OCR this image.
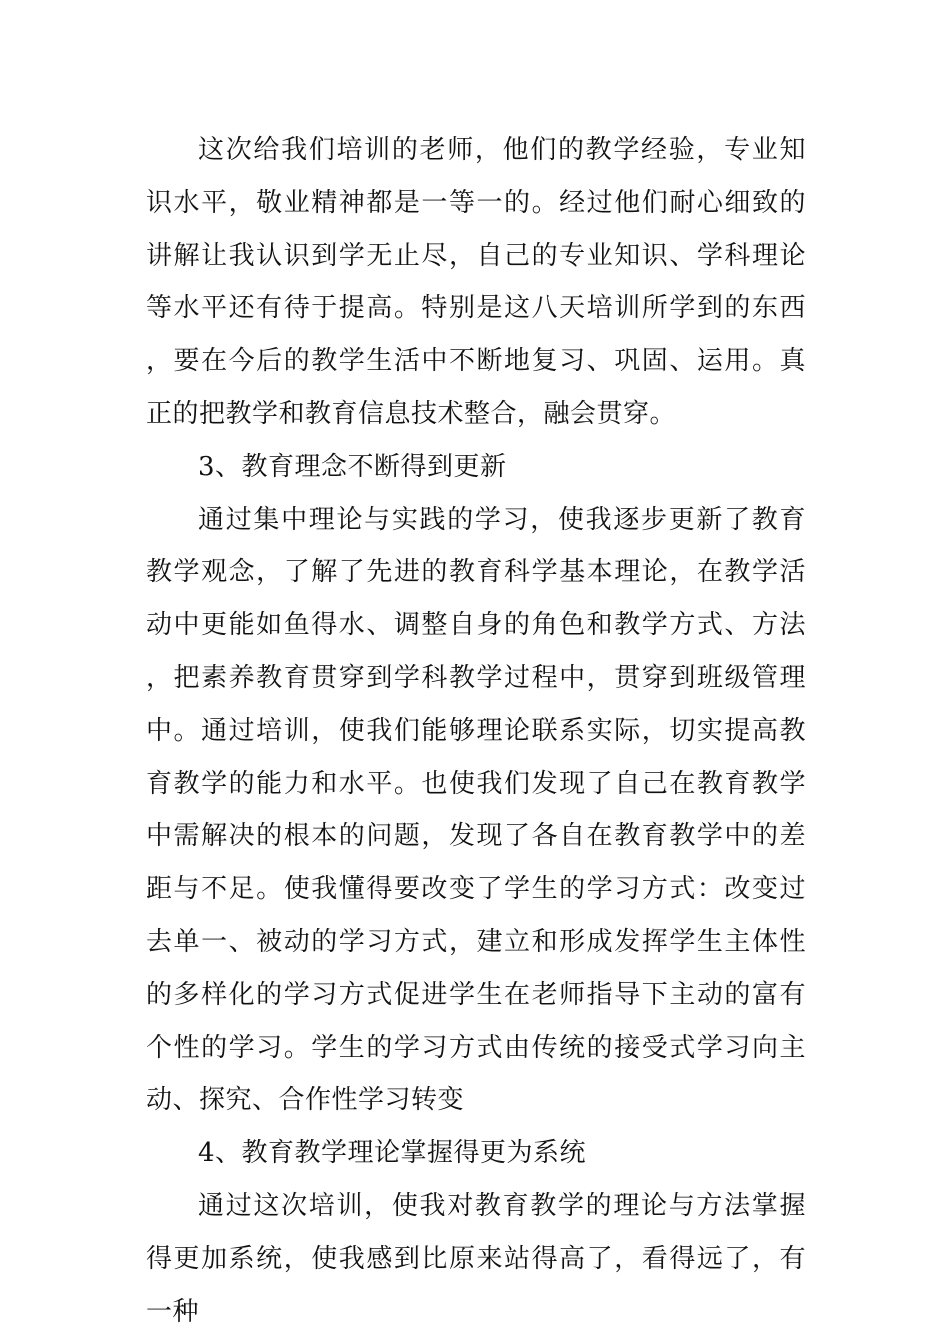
这次给我们培训的老师，他们的教学经验，专业知识水平，敬业精神都是一等一的。经过他们耐心细致的讲解让我认识到学无止尽，自己的专业知识、学科理论等水平还有待于提高。特别是这八天培训所学到的东西，要在今后的教学生活中不断地复习、巩固、运用。真正的把教学和教育信息技术整合，融会贯穿。

3、教育理念不断得到更新

通过集中理论与实践的学习，使我逐步更新了教育教学观念，了解了先进的教育科学基本理论，在教学活动中更能如鱼得水、调整自身的角色和教学方式、方法，把素养教育贯穿到学科教学过程中，贯穿到班级管理中。通过培训，使我们能够理论联系实际，切实提高教育教学的能力和水平。也使我们发现了自己在教育教学中需解决的根本的问题，发现了各自在教育教学中的差距与不足。使我懂得要改变了学生的学习方式：改变过去单一、被动的学习方式，建立和形成发挥学生主体性的多样化的学习方式促进学生在老师指导下主动的富有个性的学习。学生的学习方式由传统的接受式学习向主动、探究、合作性学习转变

4、教育教学理论掌握得更为系统

通过这次培训，使我对教育教学的理论与方法掌握得更加系统，使我感到比原来站得高了，看得远了，有一种
